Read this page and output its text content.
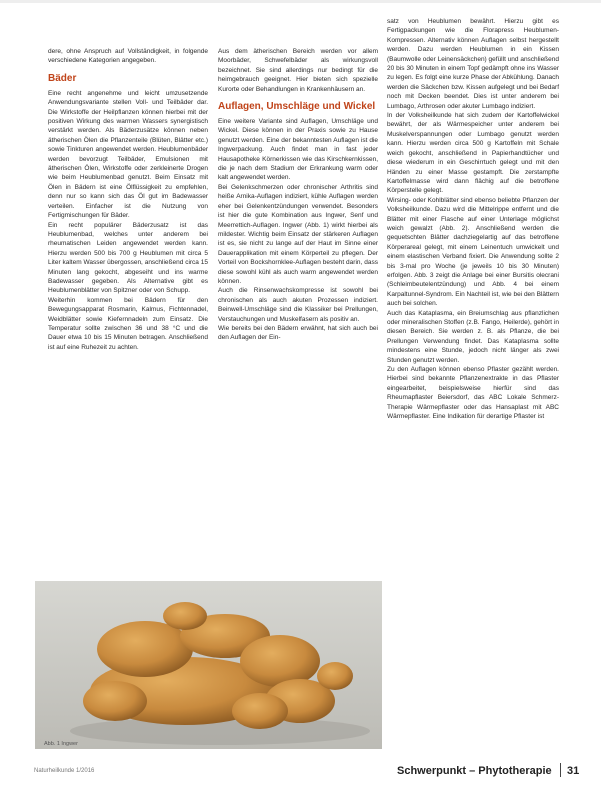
dere, ohne Anspruch auf Vollständigkeit, in folgende verschiedene Kategorien angegeben.

Bäder

Eine recht angenehme und leicht umzusetzende Anwendungsvariante stellen Voll- und Teilbäder dar. Die Wirkstoffe der Heilpflanzen können hierbei mit der positiven Wirkung des warmen Wassers synergistisch verstärkt werden. Als Bäderzusätze können neben ätherischen Ölen die Pflanzenteile (Blüten, Blätter etc.) sowie Tinkturen angewendet werden. Heublumenbäder werden bevorzugt Teilbäder, Emulsionen mit ätherischen Ölen, Wirkstoffe oder zerkleinerte Drogen wie beim Heublumenbad genutzt. Beim Einsatz mit Ölen in Bädern ist eine Ölflüssigkeit zu empfehlen, denn nur so kann sich das Öl gut im Badewasser verteilen. Einfacher ist die Nutzung von Fertigmischungen für Bäder.

Ein recht populärer Bäderzusatz ist das Heublumenbad, welches unter anderem bei rheumatischen Leiden angewendet werden kann. Hierzu werden 500 bis 700 g Heublumen mit circa 5 Liter kaltem Wasser übergossen, anschließend circa 15 Minuten lang gekocht, abgeseiht und ins warme Badewasser gegeben. Als Alternative gibt es Heublumenblätter von Spitzner oder von Schupp.

Weiterhin kommen bei Bädern für den Bewegungsapparat Rosmarin, Kalmus, Fichtennadel, Weidblätter sowie Kiefernnadeln zum Einsatz. Die Temperatur sollte zwischen 36 und 38 °C und die Dauer etwa 10 bis 15 Minuten betragen. Anschließend ist auf eine Ruhezeit zu achten.

Aus dem ätherischen Bereich werden vor allem Moorbäder, Schwefelbäder als wirkungsvoll bezeichnet. Sie sind allerdings nur bedingt für die heimgebrauch geeignet. Hier bieten sich spezielle Kurorte oder Behandlungen in Krankenhäusern an.

Auflagen, Umschläge und Wickel

Eine weitere Variante sind Auflagen, Umschläge und Wickel. Diese können in der Praxis sowie zu Hause genutzt werden. Eine der bekanntesten Auflagen ist die Ingwerpackung. Auch findet man in fast jeder Hausapotheke Körnerkissen wie das Kirschkernkissen, die je nach dem Stadium der Erkrankung warm oder kalt angewendet werden.

Bei Gelenkschmerzen oder chronischer Arthritis sind heiße Arnika-Auflagen indiziert, kühle Auflagen werden eher bei Gelenkentzündungen verwendet. Besonders ist hier die gute Kombination aus Ingwer, Senf und Meerrettich-Auflagen. Ingwer (Abb. 1) wirkt hierbei als mildester. Wichtig beim Einsatz der stärkeren Auflagen ist es, sie nicht zu lange auf der Haut im Sinne einer Dauerapplikation mit einem Körperteil zu pflegen. Der Vorteil von Bockshornklee-Auflagen besteht darin, dass diese sowohl kühl als auch warm angewendet werden können.

Auch die Rinsenwachskompresse ist sowohl bei chronischen als auch akuten Prozessen indiziert. Beinwell-Umschläge sind die Klassiker bei Prellungen, Verstauchungen und Muskelfasern als positiv an.

Wie bereits bei den Bädern erwähnt, hat sich auch bei den Auflagen der Ein-

satz von Heublumen bewährt. Hierzu gibt es Fertigpackungen wie die Florapress Heublumen-Kompressen. Alternativ können Auflagen selbst hergestellt werden. Dazu werden Heublumen in ein Kissen (Baumwolle oder Leinensäckchen) gefüllt und anschließend 20 bis 30 Minuten in einem Topf gedämpft ohne ins Wasser zu legen. Es folgt eine kurze Phase der Abkühlung. Danach werden die Säckchen bzw. Kissen aufgelegt und bei Bedarf noch mit Decken beendet. Dies ist unter anderem bei Lumbago, Arthrosen oder akuter Lumbago indiziert.

In der Volksheilkunde hat sich zudem der Kartoffelwickel bewährt, der als Wärmespeicher unter anderem bei Muskelverspannungen oder Lumbago genutzt werden kann. Hierzu werden circa 500 g Kartoffeln mit Schale weich gekocht, anschließend in Papierhandtücher und diese wiederum in ein Geschirrtuch gelegt und mit den Händen zu einer Masse gestampft. Die zerstampfte Kartoffelmasse wird dann flächig auf die betroffene Körperstelle gelegt.

Wirsing- oder Kohlblätter sind ebenso beliebte Pflanzen der Volksheilkunde. Dazu wird die Mittelrippe entfernt und die Blätter mit einer Flasche auf einer Unterlage möglichst weich gewalzt (Abb. 2). Anschließend werden die gequetschten Blätter dachziegelartig auf das betroffene Körperareal gelegt, mit einem Leinentuch umwickelt und einem elastischen Verband fixiert. Die Anwendung sollte 2 bis 3-mal pro Woche (je jeweils 10 bis 30 Minuten) erfolgen. Abb. 3 zeigt die Anlage bei einer Bursitis olecrani (Schleimbeutelentzündung) und Abb. 4 bei einem Karpaltunnel-Syndrom. Ein Nachteil ist, wie bei den Blättern auch bei solchen.

Auch das Kataplasma, ein Breiumschlag aus pflanzlichen oder mineralischen Stoffen (z.B. Fango, Heilerde), gehört in diesen Bereich. Sie werden z. B. als Pflanze, die bei Prellungen Verwendung findet. Das Kataplasma sollte mindestens eine Stunde, jedoch nicht länger als zwei Stunden genutzt werden.

Zu den Auflagen können ebenso Pflaster gezählt werden. Hierbei sind bekannte Pflanzenextrakte in das Pflaster eingearbeitet, beispielsweise hierfür sind das Rheumapflaster Beiersdorf, das ABC Lokale Schmerz-Therapie Wärmepflaster oder das Hansaplast mit ABC Wärmepflaster. Eine Indikation für derartige Pflaster ist

Abb. 1 Ingwer
Naturheilkunde 1/2016	Schwerpunkt – Phytotherapie 31
